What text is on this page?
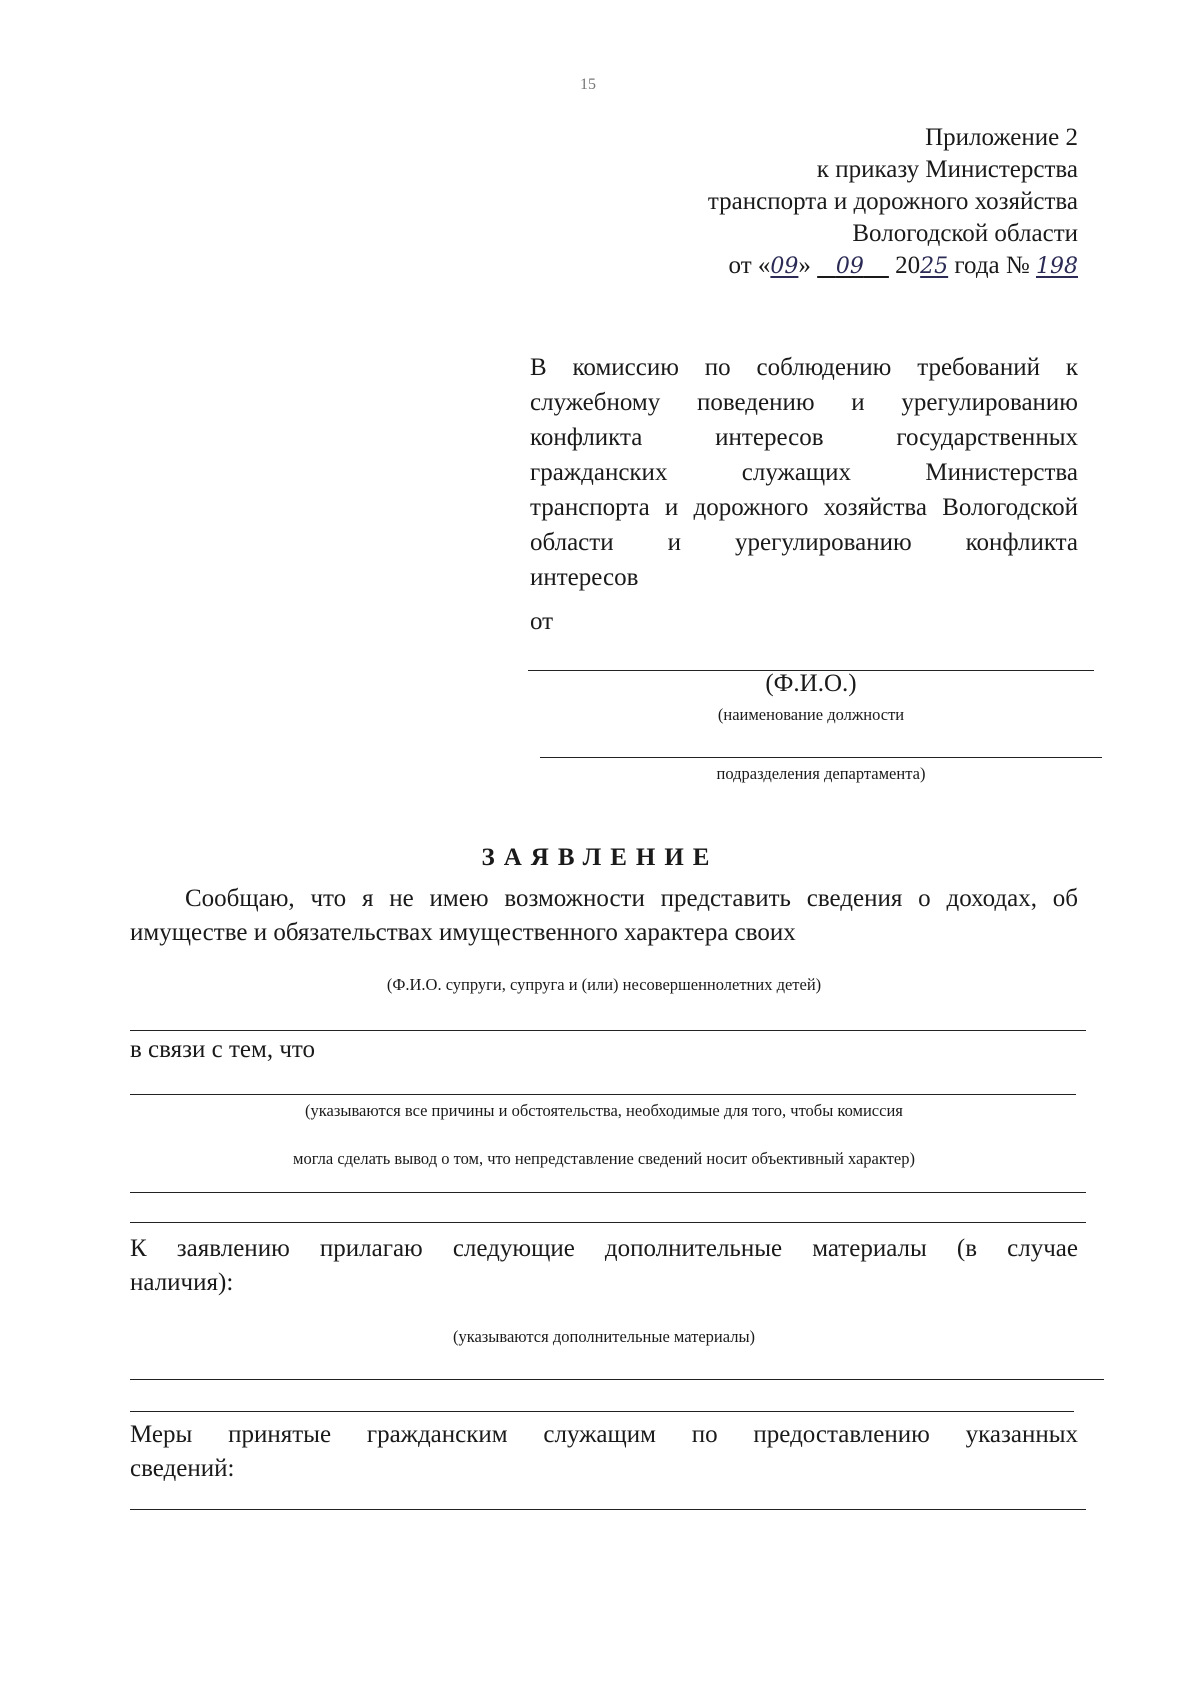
15
Приложение 2
к приказу Министерства
транспорта и дорожного хозяйства
Вологодской области
от «09»    09 2025 года № 198
В комиссию по соблюдению требований к
служебному поведению и урегулированию
конфликта интересов государственных
гражданских служащих Министерства
транспорта и дорожного хозяйства Вологодской
области и урегулированию конфликта
интересов
от
(Ф.И.О.)
(наименование должности
подразделения департамента)
ЗАЯВЛЕНИЕ
Сообщаю, что я не имею возможности представить сведения о доходах, об
имуществе и обязательствах имущественного характера своих
(Ф.И.О. супруги, супруга и (или) несовершеннолетних детей)
в связи с тем, что
(указываются все причины и обстоятельства, необходимые для того, чтобы комиссия
могла сделать вывод о том, что непредставление сведений носит объективный характер)
К заявлению прилагаю следующие дополнительные материалы (в случае
наличия):
(указываются дополнительные материалы)
Меры принятые гражданским служащим по предоставлению указанных
сведений:
